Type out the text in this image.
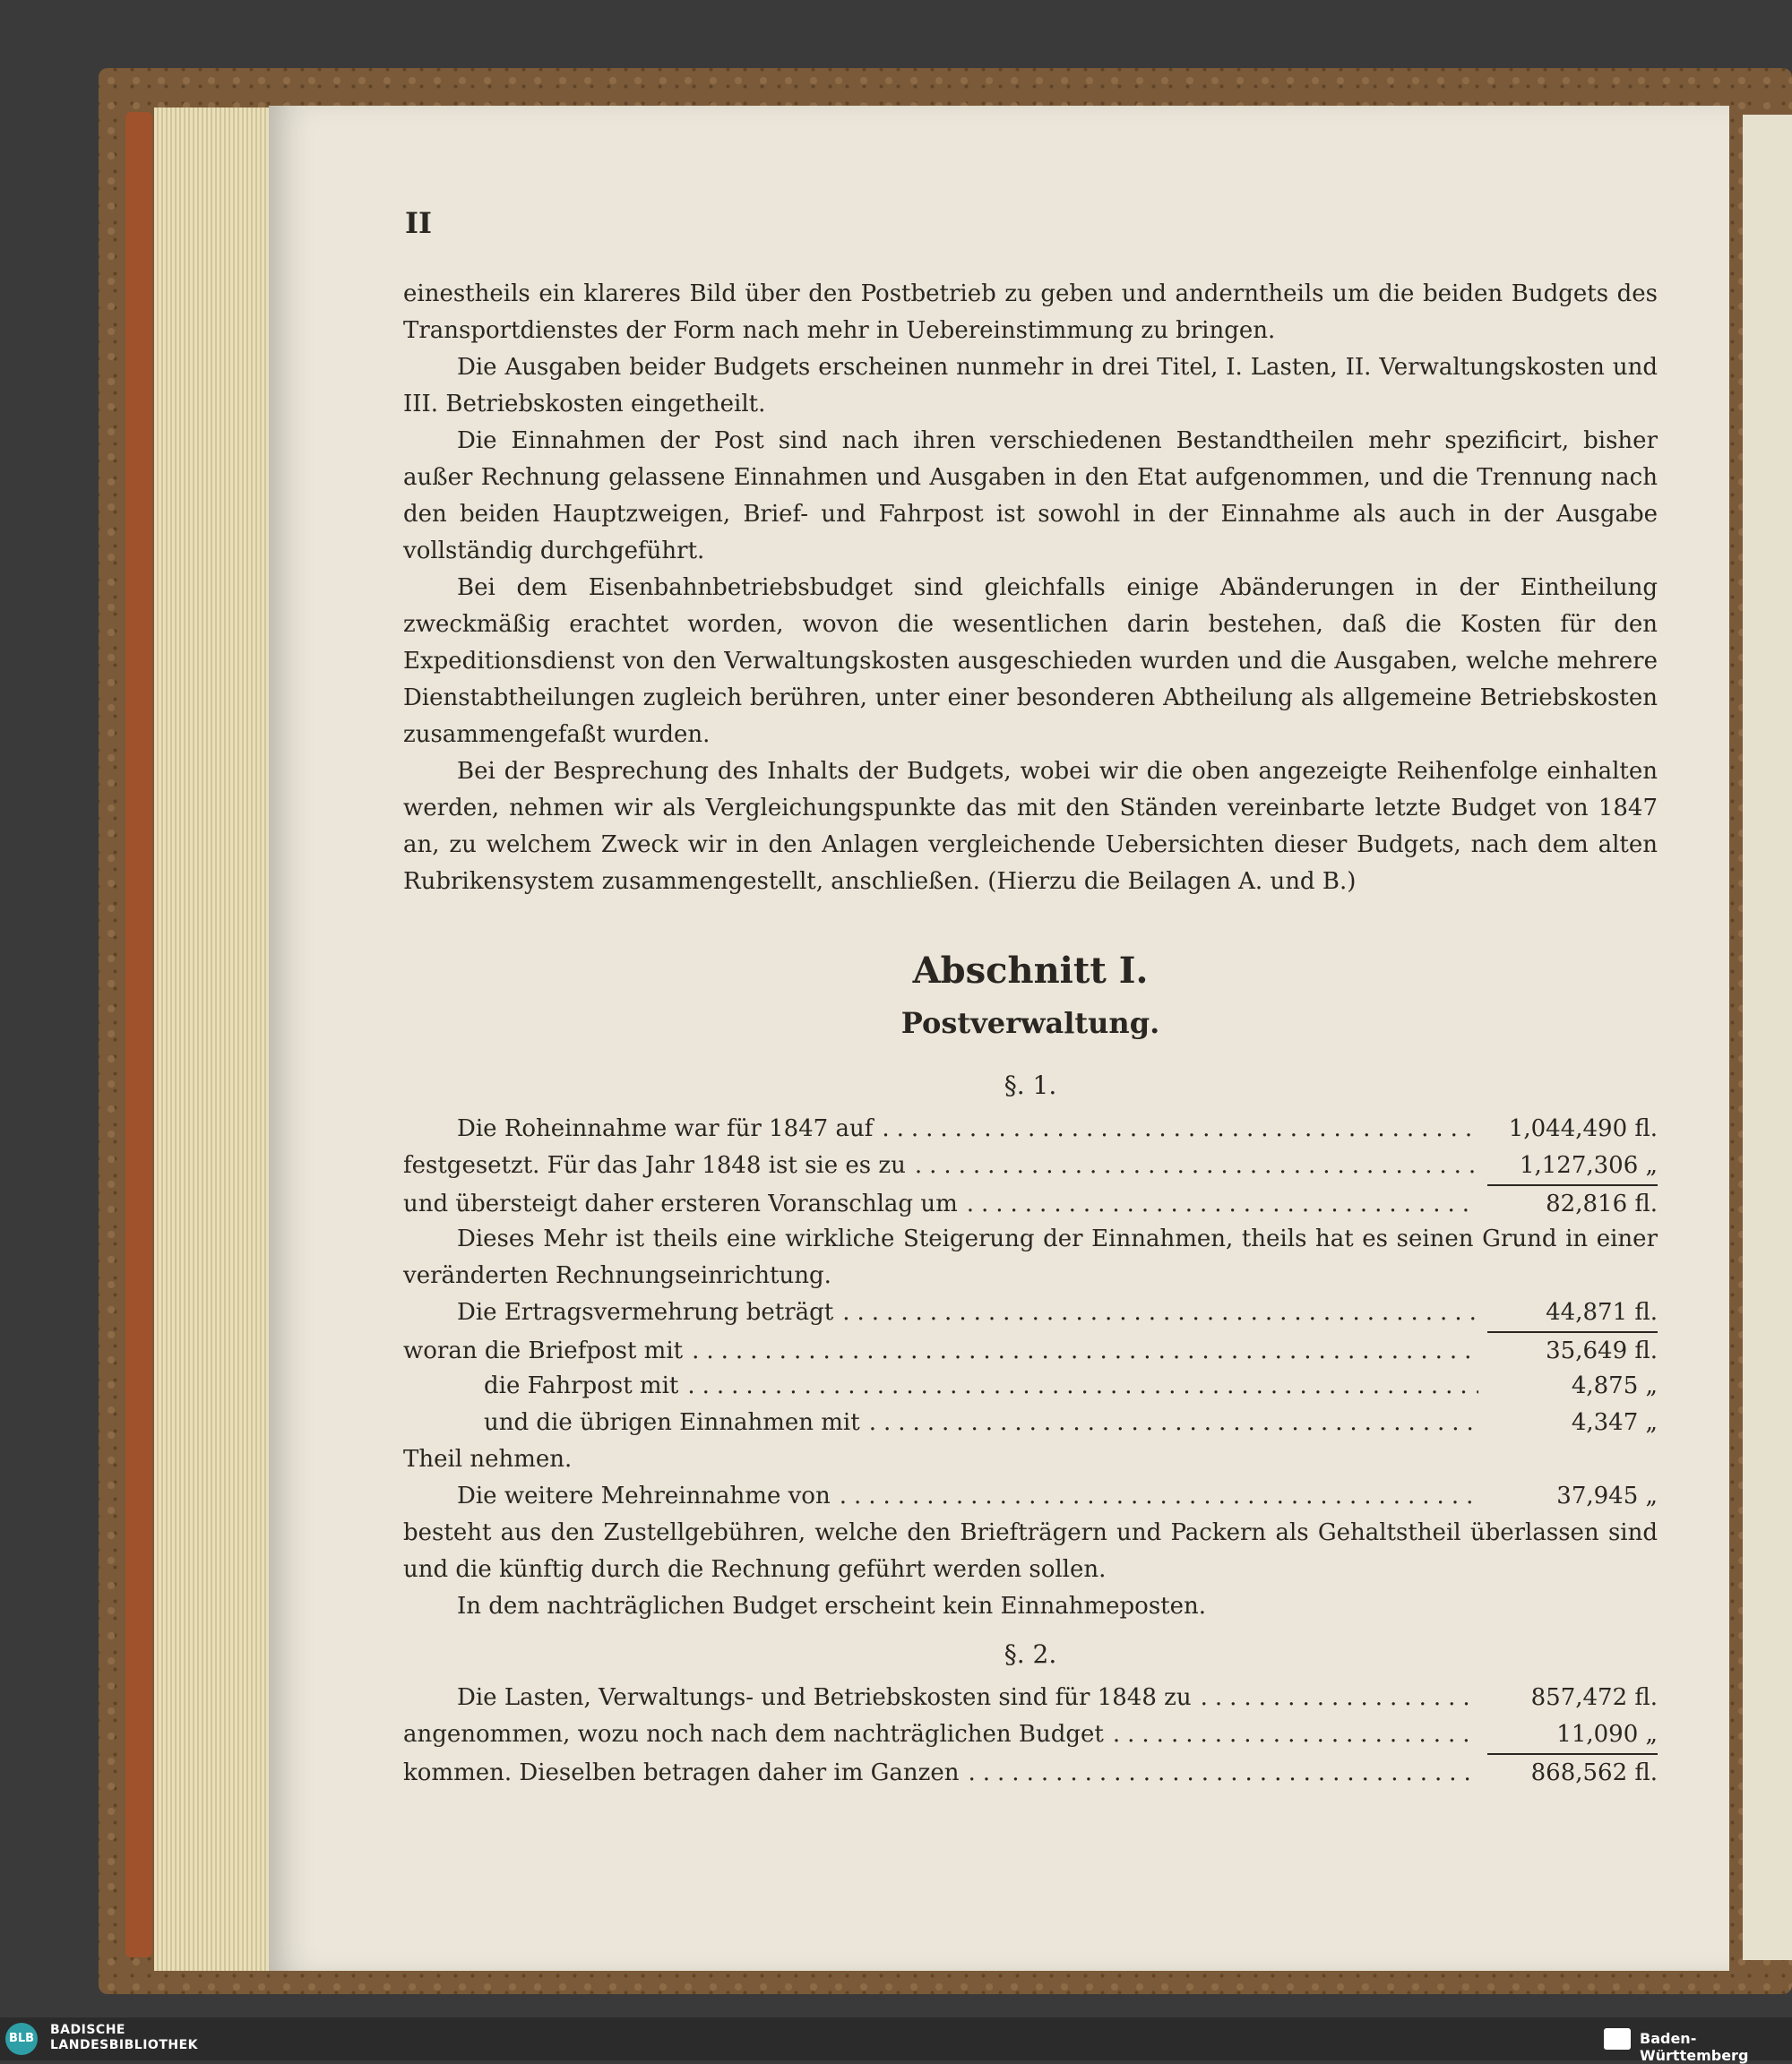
II

einestheils ein klareres Bild über den Postbetrieb zu geben und anderntheils um die beiden Budgets des Transportdienstes der Form nach mehr in Uebereinstimmung zu bringen.

Die Ausgaben beider Budgets erscheinen nunmehr in drei Titel, I. Lasten, II. Verwaltungskosten und III. Betriebskosten eingetheilt.

Die Einnahmen der Post sind nach ihren verschiedenen Bestandtheilen mehr spezificirt, bisher außer Rechnung gelassene Einnahmen und Ausgaben in den Etat aufgenommen, und die Trennung nach den beiden Hauptzweigen, Brief- und Fahrpost ist sowohl in der Einnahme als auch in der Ausgabe vollständig durchgeführt.

Bei dem Eisenbahnbetriebsbudget sind gleichfalls einige Abänderungen in der Eintheilung zweckmäßig erachtet worden, wovon die wesentlichen darin bestehen, daß die Kosten für den Expeditionsdienst von den Verwaltungskosten ausgeschieden wurden und die Ausgaben, welche mehrere Dienstabtheilungen zugleich berühren, unter einer besonderen Abtheilung als allgemeine Betriebskosten zusammengefaßt wurden.

Bei der Besprechung des Inhalts der Budgets, wobei wir die oben angezeigte Reihenfolge einhalten werden, nehmen wir als Vergleichungspunkte das mit den Ständen vereinbarte letzte Budget von 1847 an, zu welchem Zweck wir in den Anlagen vergleichende Uebersichten dieser Budgets, nach dem alten Rubrikensystem zusammengestellt, anschließen. (Hierzu die Beilagen A. und B.)

Abschnitt I.
Postverwaltung.
§. 1.
Die Roheinnahme war für 1847 auf .....	1,044,490 fl.
festgesetzt. Für das Jahr 1848 ist sie es zu .....	1,127,306 „
und übersteigt daher ersteren Voranschlag um .....	82,816 fl.

Dieses Mehr ist theils eine wirkliche Steigerung der Einnahmen, theils hat es seinen Grund in einer veränderten Rechnungseinrichtung.

Die Ertragsvermehrung beträgt .....	44,871 fl.
woran die Briefpost mit .....	35,649 fl.
die Fahrpost mit .....	4,875 „
und die übrigen Einnahmen mit .....	4,347 „
Theil nehmen.
Die weitere Mehreinnahme von .....	37,945 „

besteht aus den Zustellgebühren, welche den Briefträgern und Packern als Gehaltstheil überlassen sind und die künftig durch die Rechnung geführt werden sollen.

In dem nachträglichen Budget erscheint kein Einnahmeposten.

§. 2.
Die Lasten, Verwaltungs- und Betriebskosten sind für 1848 zu .....	857,472 fl.
angenommen, wozu noch nach dem nachträglichen Budget .....	11,090 „
kommen. Dieselben betragen daher im Ganzen .....	868,562 fl.
BLB
BADISCHE
LANDESBIBLIOTHEK	Baden-Württemberg
